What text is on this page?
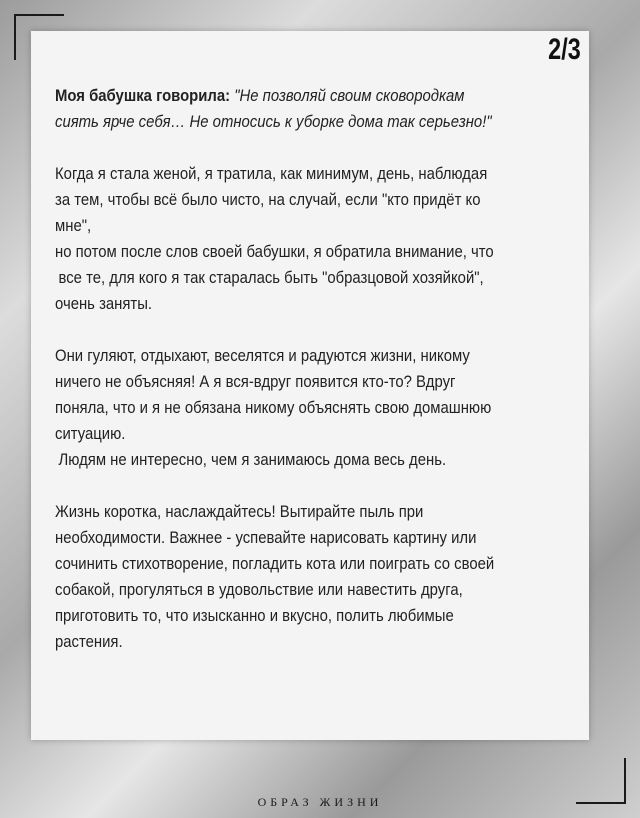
2/3

Моя бабушка говорила: "Не позволяй своим сковородкам

сиять ярче себя… Не относись к уборке дома так серьезно!"

Когда я стала женой, я тратила, как минимум, день, наблюдая

за тем, чтобы всё было чисто, на случай, если "кто придёт ко

мне",

но потом после слов своей бабушки, я обратила внимание, что

все те, для кого я так старалась быть "образцовой хозяйкой",

очень заняты.

Они гуляют, отдыхают, веселятся и радуются жизни, никому

ничего не объясняя! А я вся-вдруг появится кто-то? Вдруг

поняла, что и я не обязана никому объяснять свою домашнюю

ситуацию.

Людям не интересно, чем я занимаюсь дома весь день.

Жизнь коротка, наслаждайтесь! Вытирайте пыль при

необходимости. Важнее - успевайте нарисовать картину или

сочинить стихотворение, погладить кота или поиграть со своей

собакой, прогуляться в удовольствие или навестить друга,

приготовить то, что изысканно и вкусно, полить любимые

растения.

ОБРАЗ ЖИЗНИ
